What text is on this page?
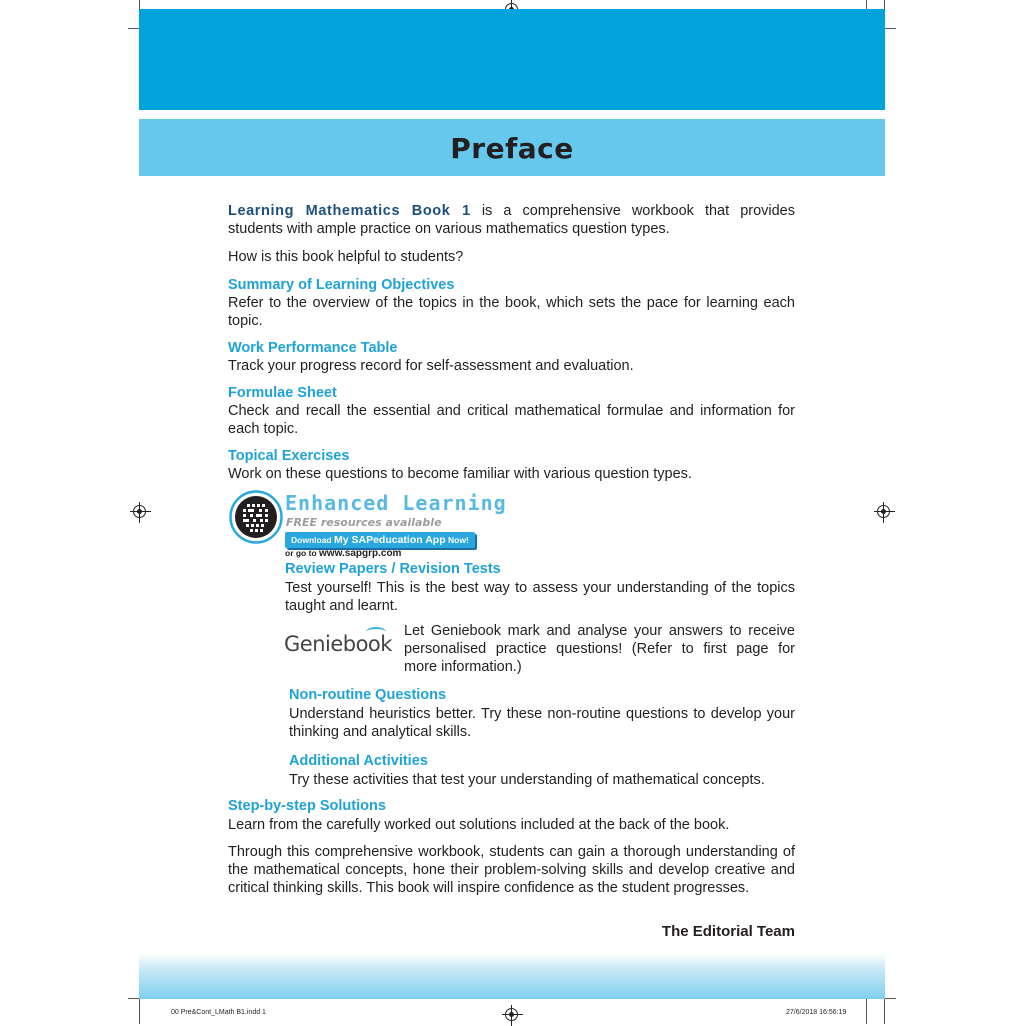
Preface
Learning Mathematics Book 1 is a comprehensive workbook that provides
students with ample practice on various mathematics question types.
How is this book helpful to students?
Summary of Learning Objectives
Refer to the overview of the topics in the book, which sets the pace for learning each
topic.
Work Performance Table
Track your progress record for self-assessment and evaluation.
Formulae Sheet
Check and recall the essential and critical mathematical formulae and information for
each topic.
Topical Exercises
Work on these questions to become familiar with various question types.
Enhanced Learning
FREE resources available
Download My SAPeducation App Now!
or go to www.sapgrp.com
Review Papers / Revision Tests
Test yourself! This is the best way to assess your understanding of the topics
taught and learnt.
Geniebook
Let Geniebook mark and analyse your answers to receive
personalised practice questions! (Refer to first page for
more information.)
Non-routine Questions
Understand heuristics better. Try these non-routine questions to develop your
thinking and analytical skills.
Additional Activities
Try these activities that test your understanding of mathematical concepts.
Step-by-step Solutions
Learn from the carefully worked out solutions included at the back of the book.
Through this comprehensive workbook, students can gain a thorough understanding of
the mathematical concepts, hone their problem-solving skills and develop creative and
critical thinking skills. This book will inspire confidence as the student progresses.
The Editorial Team
00 Pre&Cont_LMath B1.indd 1	27/6/2018 16:56:19
